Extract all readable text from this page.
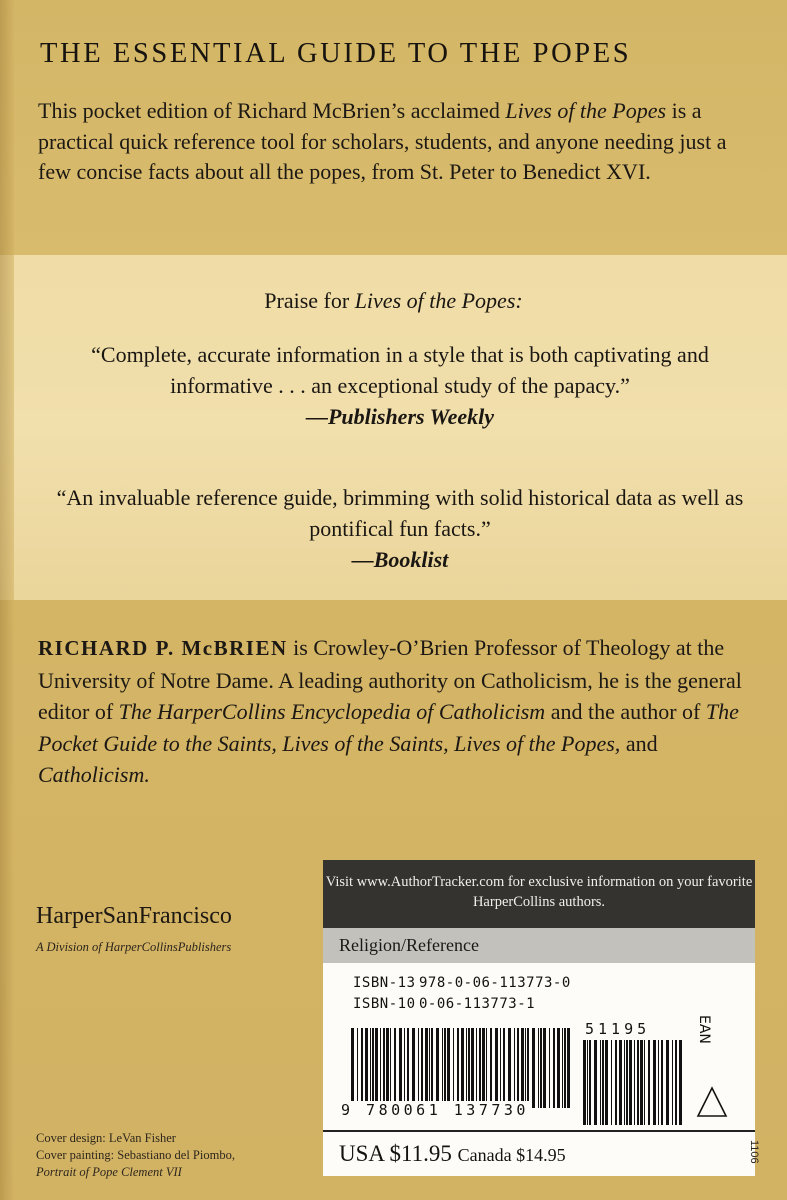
THE ESSENTIAL GUIDE TO THE POPES
This pocket edition of Richard McBrien’s acclaimed Lives of the Popes is a practical quick reference tool for scholars, students, and anyone needing just a few concise facts about all the popes, from St. Peter to Benedict XVI.
Praise for Lives of the Popes:
“Complete, accurate information in a style that is both captivating and informative . . . an exceptional study of the papacy.”
—Publishers Weekly
“An invaluable reference guide, brimming with solid historical data as well as pontifical fun facts.”
—Booklist
RICHARD P. McBRIEN is Crowley-O’Brien Professor of Theology at the University of Notre Dame. A leading authority on Catholicism, he is the general editor of The HarperCollins Encyclopedia of Catholicism and the author of The Pocket Guide to the Saints, Lives of the Saints, Lives of the Popes, and Catholicism.
HarperSanFrancisco
A Division of HarperCollinsPublishers
Cover design: LeVan Fisher
Cover painting: Sebastiano del Piombo,
Portrait of Pope Clement VII
Visit www.AuthorTracker.com for exclusive information on your favorite HarperCollins authors.
Religion/Reference
ISBN-13 978-0-06-113773-0
ISBN-10 0-06-113773-1
51195
9 780061 137730
EAN
USA $11.95 Canada $14.95	1106
